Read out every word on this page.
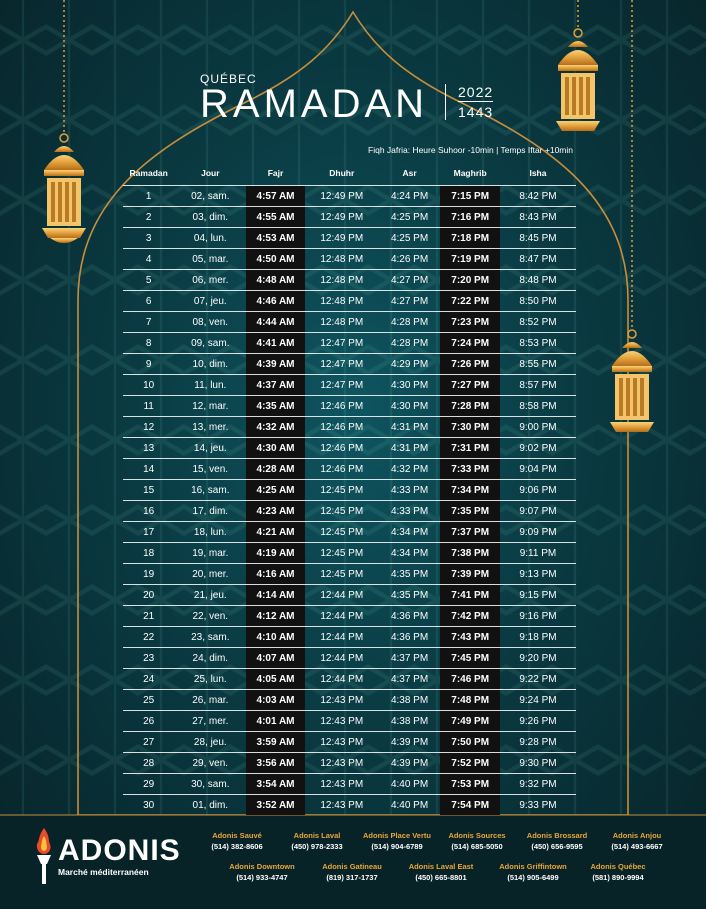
QUÉBEC
RAMADAN 2022
1443
Fiqh Jafria: Heure Suhoor -10min | Temps Iftar +10min
Ramadan	Jour	Fajr	Dhuhr	Asr	Maghrib	Isha
1	02, sam.	4:57 AM	12:49 PM	4:24 PM	7:15 PM	8:42 PM
2	03, dim.	4:55 AM	12:49 PM	4:25 PM	7:16 PM	8:43 PM
3	04, lun.	4:53 AM	12:49 PM	4:25 PM	7:18 PM	8:45 PM
4	05, mar.	4:50 AM	12:48 PM	4:26 PM	7:19 PM	8:47 PM
5	06, mer.	4:48 AM	12:48 PM	4:27 PM	7:20 PM	8:48 PM
6	07, jeu.	4:46 AM	12:48 PM	4:27 PM	7:22 PM	8:50 PM
7	08, ven.	4:44 AM	12:48 PM	4:28 PM	7:23 PM	8:52 PM
8	09, sam.	4:41 AM	12:47 PM	4:28 PM	7:24 PM	8:53 PM
9	10, dim.	4:39 AM	12:47 PM	4:29 PM	7:26 PM	8:55 PM
10	11, lun.	4:37 AM	12:47 PM	4:30 PM	7:27 PM	8:57 PM
11	12, mar.	4:35 AM	12:46 PM	4:30 PM	7:28 PM	8:58 PM
12	13, mer.	4:32 AM	12:46 PM	4:31 PM	7:30 PM	9:00 PM
13	14, jeu.	4:30 AM	12:46 PM	4:31 PM	7:31 PM	9:02 PM
14	15, ven.	4:28 AM	12:46 PM	4:32 PM	7:33 PM	9:04 PM
15	16, sam.	4:25 AM	12:45 PM	4:33 PM	7:34 PM	9:06 PM
16	17, dim.	4:23 AM	12:45 PM	4:33 PM	7:35 PM	9:07 PM
17	18, lun.	4:21 AM	12:45 PM	4:34 PM	7:37 PM	9:09 PM
18	19, mar.	4:19 AM	12:45 PM	4:34 PM	7:38 PM	9:11 PM
19	20, mer.	4:16 AM	12:45 PM	4:35 PM	7:39 PM	9:13 PM
20	21, jeu.	4:14 AM	12:44 PM	4:35 PM	7:41 PM	9:15 PM
21	22, ven.	4:12 AM	12:44 PM	4:36 PM	7:42 PM	9:16 PM
22	23, sam.	4:10 AM	12:44 PM	4:36 PM	7:43 PM	9:18 PM
23	24, dim.	4:07 AM	12:44 PM	4:37 PM	7:45 PM	9:20 PM
24	25, lun.	4:05 AM	12:44 PM	4:37 PM	7:46 PM	9:22 PM
25	26, mar.	4:03 AM	12:43 PM	4:38 PM	7:48 PM	9:24 PM
26	27, mer.	4:01 AM	12:43 PM	4:38 PM	7:49 PM	9:26 PM
27	28, jeu.	3:59 AM	12:43 PM	4:39 PM	7:50 PM	9:28 PM
28	29, ven.	3:56 AM	12:43 PM	4:39 PM	7:52 PM	9:30 PM
29	30, sam.	3:54 AM	12:43 PM	4:40 PM	7:53 PM	9:32 PM
30	01, dim.	3:52 AM	12:43 PM	4:40 PM	7:54 PM	9:33 PM
ADONIS
Marché méditerranéen
Adonis Sauvé
(514) 382-8606
Adonis Laval
(450) 978-2333
Adonis Place Vertu
(514) 904-6789
Adonis Sources
(514) 685-5050
Adonis Brossard
(450) 656-9595
Adonis Anjou
(514) 493-6667
Adonis Downtown
(514) 933-4747
Adonis Gatineau
(819) 317-1737
Adonis Laval East
(450) 665-8801
Adonis Griffintown
(514) 905-6499
Adonis Québec
(581) 890-9994
